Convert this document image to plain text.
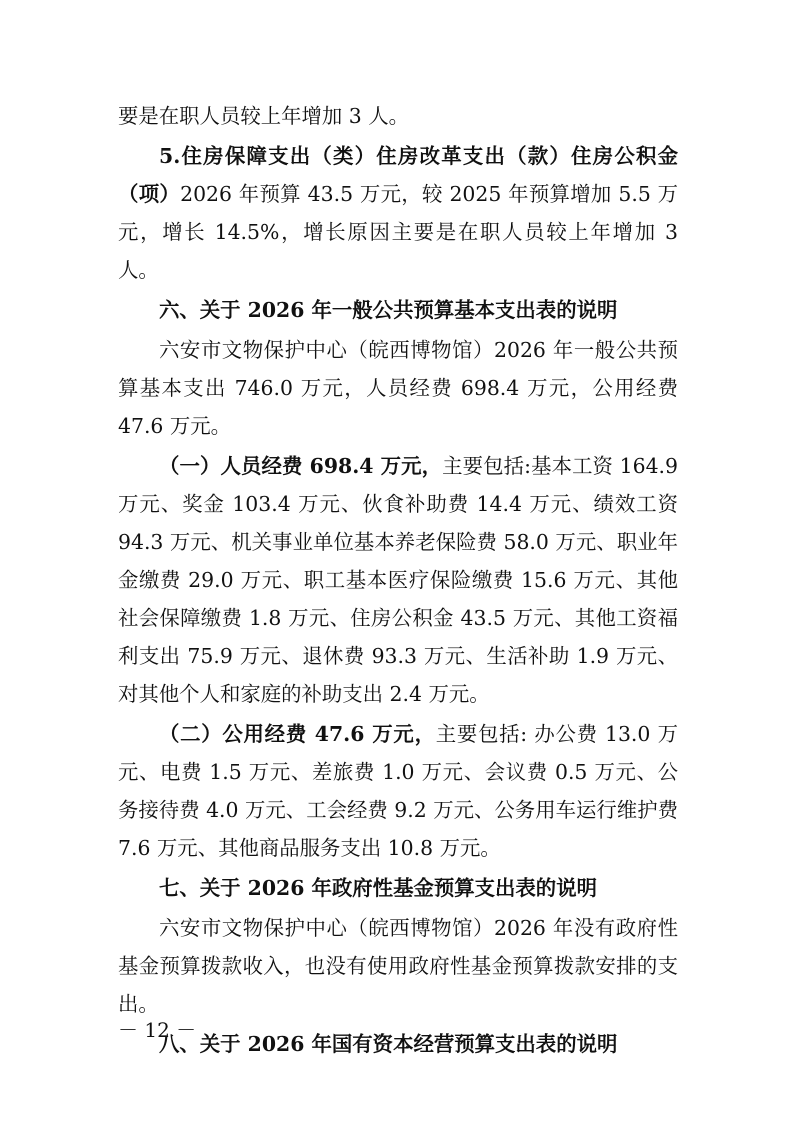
要是在职人员较上年增加 3 人。

5.住房保障支出（类）住房改革支出（款）住房公积金（项）2026 年预算 43.5 万元，较 2025 年预算增加 5.5 万元，增长 14.5%，增长原因主要是在职人员较上年增加 3 人。

六、关于 2026 年一般公共预算基本支出表的说明

六安市文物保护中心（皖西博物馆）2026 年一般公共预算基本支出 746.0 万元，人员经费 698.4 万元，公用经费 47.6 万元。

（一）人员经费 698.4 万元，主要包括:基本工资 164.9 万元、奖金 103.4 万元、伙食补助费 14.4 万元、绩效工资 94.3 万元、机关事业单位基本养老保险费 58.0 万元、职业年金缴费 29.0 万元、职工基本医疗保险缴费 15.6 万元、其他社会保障缴费 1.8 万元、住房公积金 43.5 万元、其他工资福利支出 75.9 万元、退休费 93.3 万元、生活补助 1.9 万元、对其他个人和家庭的补助支出 2.4 万元。

（二）公用经费 47.6 万元，主要包括: 办公费 13.0 万元、电费 1.5 万元、差旅费 1.0 万元、会议费 0.5 万元、公务接待费 4.0 万元、工会经费 9.2 万元、公务用车运行维护费 7.6 万元、其他商品服务支出 10.8 万元。

七、关于 2026 年政府性基金预算支出表的说明

六安市文物保护中心（皖西博物馆）2026 年没有政府性基金预算拨款收入，也没有使用政府性基金预算拨款安排的支出。

八、关于 2026 年国有资本经营预算支出表的说明

－ 12 －
